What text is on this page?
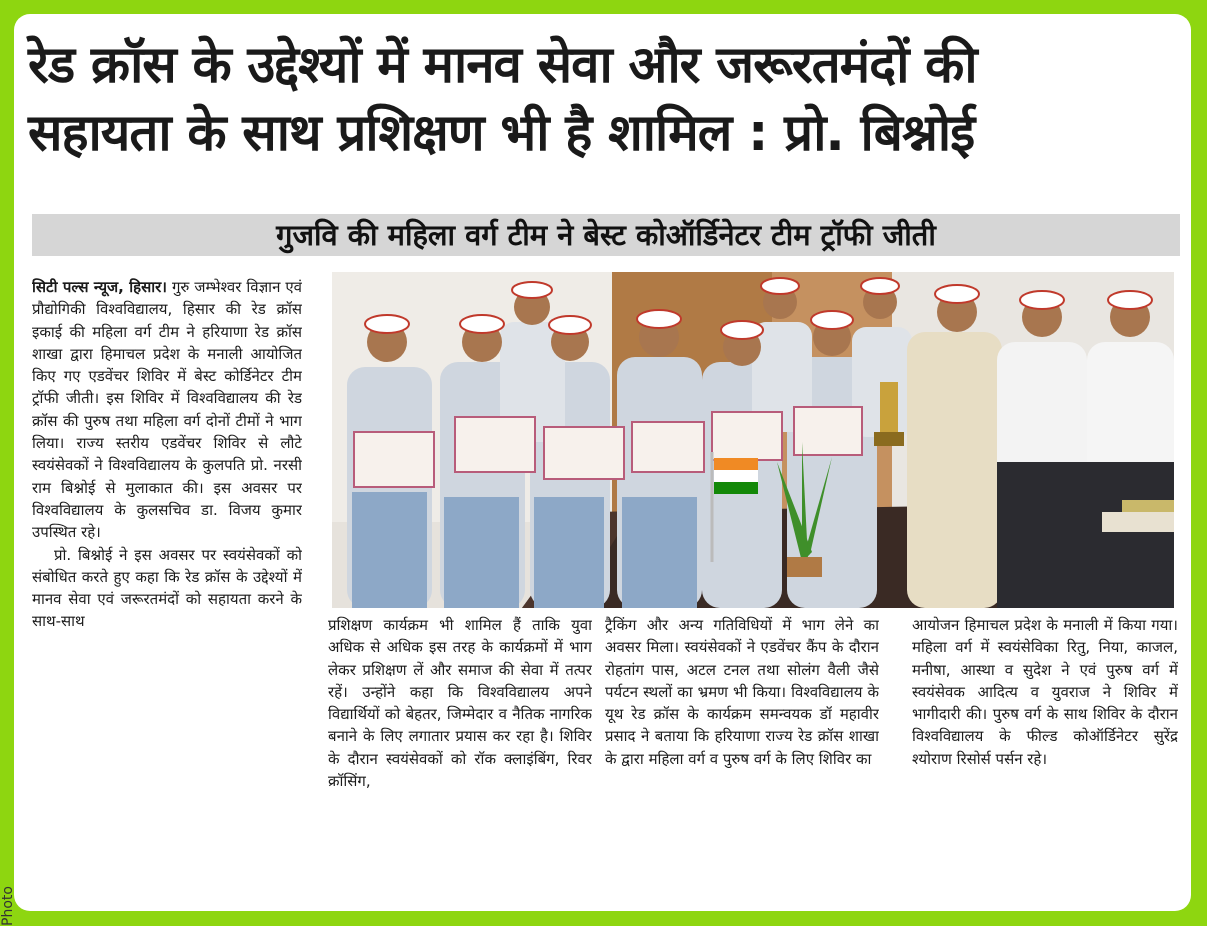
रेड क्रॉस के उद्देश्यों में मानव सेवा और जरूरतमंदों की
सहायता के साथ प्रशिक्षण भी है शामिल : प्रो. बिश्नोई
गुजवि की महिला वर्ग टीम ने बेस्ट कोऑर्डिनेटर टीम ट्रॉफी जीती

सिटी पल्स न्यूज, हिसार। गुरु जम्भेश्वर विज्ञान एवं प्रौद्योगिकी विश्वविद्यालय, हिसार की रेड क्रॉस इकाई की महिला वर्ग टीम ने हरियाणा रेड क्रॉस शाखा द्वारा हिमाचल प्रदेश के मनाली आयोजित किए गए एडवेंचर शिविर में बेस्ट कोर्डिनेटर टीम ट्रॉफी जीती। इस शिविर में विश्वविद्यालय की रेड क्रॉस की पुरुष तथा महिला वर्ग दोनों टीमों ने भाग लिया। राज्य स्तरीय एडवेंचर शिविर से लौटे स्वयंसेवकों ने विश्वविद्यालय के कुलपति प्रो. नरसी राम बिश्नोई से मुलाकात की। इस अवसर पर विश्वविद्यालय के कुलसचिव डा. विजय कुमार उपस्थित रहे।

प्रो. बिश्नोई ने इस अवसर पर स्वयंसेवकों को संबोधित करते हुए कहा कि रेड क्रॉस के उद्देश्यों में मानव सेवा एवं जरूरतमंदों को सहायता करने के साथ-साथ	प्रशिक्षण कार्यक्रम भी शामिल हैं ताकि युवा अधिक से अधिक इस तरह के कार्यक्रमों में भाग लेकर प्रशिक्षण लें और समाज की सेवा में तत्पर रहें। उन्होंने कहा कि विश्वविद्यालय अपने विद्यार्थियों को बेहतर, जिम्मेदार व नैतिक नागरिक बनाने के लिए लगातार प्रयास कर रहा है। शिविर के दौरान स्वयंसेवकों को रॉक क्लाइंबिंग, रिवर क्रॉसिंग,
ट्रैकिंग और अन्य गतिविधियों में भाग लेने का अवसर मिला। स्वयंसेवकों ने एडवेंचर कैंप के दौरान रोहतांग पास, अटल टनल तथा सोलंग वैली जैसे पर्यटन स्थलों का भ्रमण भी किया। विश्वविद्यालय के यूथ रेड क्रॉस के कार्यक्रम समन्वयक डॉ महावीर प्रसाद ने बताया कि हरियाणा राज्य रेड क्रॉस शाखा के द्वारा महिला वर्ग व पुरुष वर्ग के लिए शिविर का
आयोजन हिमाचल प्रदेश के मनाली में किया गया। महिला वर्ग में स्वयंसेविका रितु, निया, काजल, मनीषा, आस्था व सुदेश ने एवं पुरुष वर्ग में स्वयंसेवक आदित्य व युवराज ने शिविर में भागीदारी की। पुरुष वर्ग के साथ शिविर के दौरान विश्वविद्यालय के फील्ड कोऑर्डिनेटर सुरेंद्र श्योराण रिसोर्स पर्सन रहे।
Photo
